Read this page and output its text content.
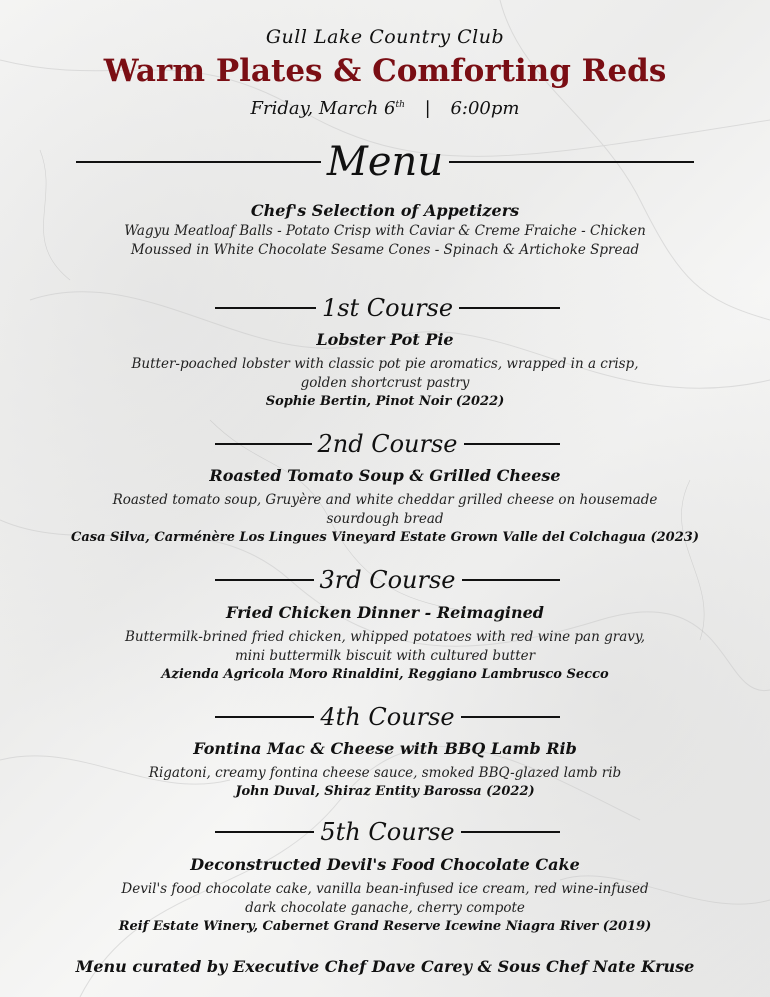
Gull Lake Country Club
Warm Plates & Comforting Reds
Friday, March 6th | 6:00pm
Menu
Chef's Selection of Appetizers
Wagyu Meatloaf Balls - Potato Crisp with Caviar & Creme Fraiche - Chicken
Moussed in White Chocolate Sesame Cones - Spinach & Artichoke Spread
1st Course
Lobster Pot Pie
Butter-poached lobster with classic pot pie aromatics, wrapped in a crisp,
golden shortcrust pastry
Sophie Bertin, Pinot Noir (2022)
2nd Course
Roasted Tomato Soup & Grilled Cheese
Roasted tomato soup, Gruyère and white cheddar grilled cheese on housemade
sourdough bread
Casa Silva, Carménère Los Lingues Vineyard Estate Grown Valle del Colchagua (2023)
3rd Course
Fried Chicken Dinner - Reimagined
Buttermilk-brined fried chicken, whipped potatoes with red wine pan gravy,
mini buttermilk biscuit with cultured butter
Azienda Agricola Moro Rinaldini, Reggiano Lambrusco Secco
4th Course
Fontina Mac & Cheese with BBQ Lamb Rib
Rigatoni, creamy fontina cheese sauce, smoked BBQ-glazed lamb rib
John Duval, Shiraz Entity Barossa (2022)
5th Course
Deconstructed Devil's Food Chocolate Cake
Devil's food chocolate cake, vanilla bean-infused ice cream, red wine-infused
dark chocolate ganache, cherry compote
Reif Estate Winery, Cabernet Grand Reserve Icewine Niagra River (2019)
Menu curated by Executive Chef Dave Carey & Sous Chef Nate Kruse
